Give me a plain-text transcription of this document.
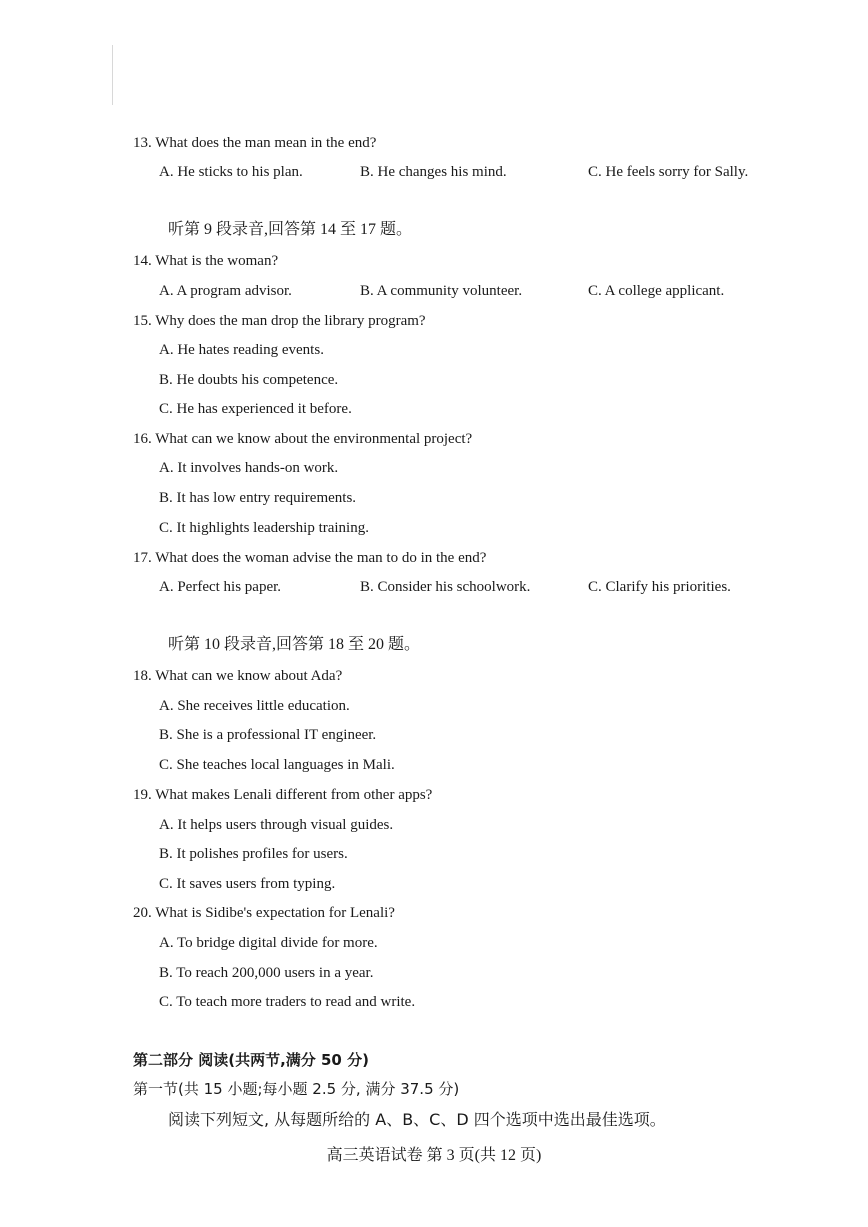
13. What does the man mean in the end?
A. He sticks to his plan.	B. He changes his mind.	C. He feels sorry for Sally.
听第 9 段录音,回答第 14 至 17 题。
14. What is the woman?
A. A program advisor.	B. A community volunteer.	C. A college applicant.
15. Why does the man drop the library program?
A. He hates reading events.
B. He doubts his competence.
C. He has experienced it before.
16. What can we know about the environmental project?
A. It involves hands-on work.
B. It has low entry requirements.
C. It highlights leadership training.
17. What does the woman advise the man to do in the end?
A. Perfect his paper.	B. Consider his schoolwork.	C. Clarify his priorities.
听第 10 段录音,回答第 18 至 20 题。
18. What can we know about Ada?
A. She receives little education.
B. She is a professional IT engineer.
C. She teaches local languages in Mali.
19. What makes Lenali different from other apps?
A. It helps users through visual guides.
B. It polishes profiles for users.
C. It saves users from typing.
20. What is Sidibe's expectation for Lenali?
A. To bridge digital divide for more.
B. To reach 200,000 users in a year.
C. To teach more traders to read and write.
第二部分 阅读(共两节,满分 50 分)
第一节(共 15 小题;每小题 2.5 分, 满分 37.5 分)
阅读下列短文, 从每题所给的 A、B、C、D 四个选项中选出最佳选项。
高三英语试卷 第 3 页(共 12 页)
